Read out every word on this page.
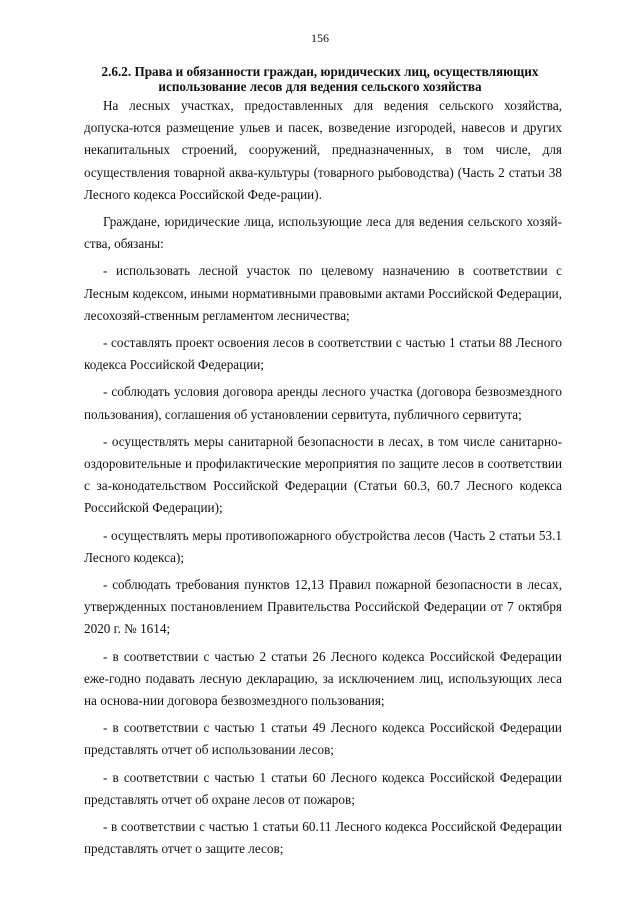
156
2.6.2. Права и обязанности граждан, юридических лиц, осуществляющих
использование лесов для ведения сельского хозяйства

На лесных участках, предоставленных для ведения сельского хозяйства, допуска-ются размещение ульев и пасек, возведение изгородей, навесов и других некапитальных строений, сооружений, предназначенных, в том числе, для осуществления товарной аква-культуры (товарного рыбоводства) (Часть 2 статьи 38 Лесного кодекса Российской Феде-рации).

Граждане, юридические лица, использующие леса для ведения сельского хозяй-ства, обязаны:

- использовать лесной участок по целевому назначению в соответствии с Лесным кодексом, иными нормативными правовыми актами Российской Федерации, лесохозяй-ственным регламентом лесничества;

- составлять проект освоения лесов в соответствии с частью 1 статьи 88 Лесного кодекса Российской Федерации;

- соблюдать условия договора аренды лесного участка (договора безвозмездного пользования), соглашения об установлении сервитута, публичного сервитута;

- осуществлять меры санитарной безопасности в лесах, в том числе санитарно-оздоровительные и профилактические мероприятия по защите лесов в соответствии с за-конодательством Российской Федерации (Статьи 60.3, 60.7 Лесного кодекса Российской Федерации);

- осуществлять меры противопожарного обустройства лесов (Часть 2 статьи 53.1 Лесного кодекса);

- соблюдать требования пунктов 12,13 Правил пожарной безопасности в лесах, утвержденных постановлением Правительства Российской Федерации от 7 октября 2020 г. № 1614;

- в соответствии с частью 2 статьи 26 Лесного кодекса Российской Федерации еже-годно подавать лесную декларацию, за исключением лиц, использующих леса на основа-нии договора безвозмездного пользования;

- в соответствии с частью 1 статьи 49 Лесного кодекса Российской Федерации представлять отчет об использовании лесов;

- в соответствии с частью 1 статьи 60 Лесного кодекса Российской Федерации представлять отчет об охране лесов от пожаров;

- в соответствии с частью 1 статьи 60.11 Лесного кодекса Российской Федерации представлять отчет о защите лесов;
